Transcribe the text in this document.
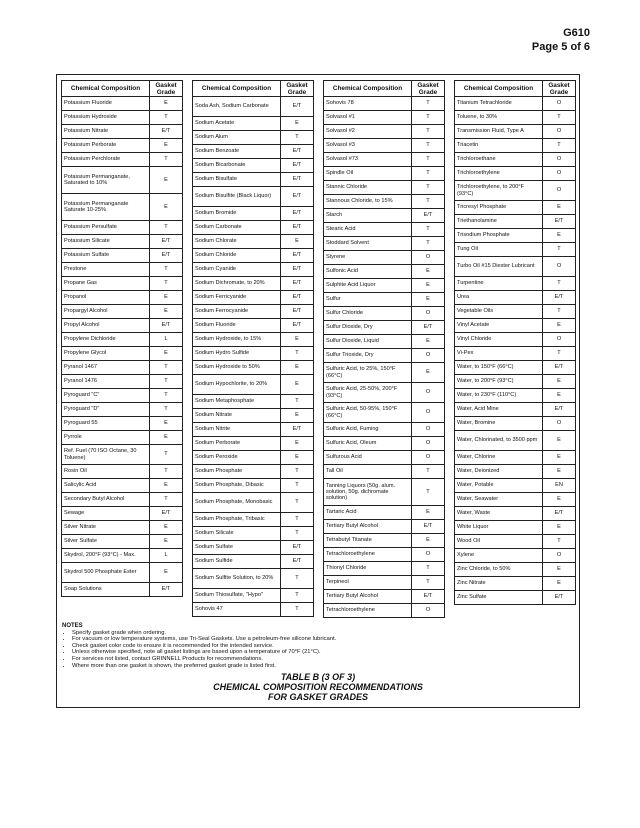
G610
Page 5 of 6
Chemical Composition	Gasket Grade
Potassium Fluoride	E
Potassium Hydroxide	T
Potassium Nitrate	E/T
Potassium Perborate	E
Potassium Perchlorate	T
Potassium Permanganate, Saturated to 10%	E
Potassium Permanganate Saturate 10-25%	E
Potassium Persulfate	T
Potassium Silicate	E/T
Potassium Sulfate	E/T
Prestone	T
Propane Gas	T
Propanol	E
Propargyl Alcohol	E
Propyl Alcohol	E/T
Propylene Dichloride	L
Propylene Glycol	E
Pyranol 1467	T
Pyranol 1476	T
Pyroguard "C"	T
Pyroguard "D"	T
Pyroguard 55	E
Pyrrole	E
Ref. Fuel (70 ISO Octane, 30 Toluene)	T
Rosin Oil	T
Salicylic Acid	E
Secondary Butyl Alcohol	T
Sewage	E/T
Silver Nitrate	E
Silver Sulfate	E
Skydrol, 200°F (93°C) - Max.	L
Skydrol 500 Phosphate Ester	E
Soap Solutions	E/T
Chemical Composition	Gasket Grade
Soda Ash, Sodium Carbonate	E/T
Sodium Acetate	E
Sodium Alum	T
Sodium Benzoate	E/T
Sodium Bicarbonate	E/T
Sodium Bisulfate	E/T
Sodium Bisulfite (Black Liquor)	E/T
Sodium Bromide	E/T
Sodium Carbonate	E/T
Sodium Chlorate	E
Sodium Chloride	E/T
Sodium Cyanide	E/T
Sodium Dichromate, to 20%	E/T
Sodium Ferricyanide	E/T
Sodium Ferrocyanide	E/T
Sodium Fluoride	E/T
Sodium Hydroxide, to 15%	E
Sodium Hydro Sulfide	T
Sodium Hydroxide to 50%	E
Sodium Hypochlorite, to 20%	E
Sodium Metaphosphate	T
Sodium Nitrate	E
Sodium Nitrite	E/T
Sodium Perborate	E
Sodium Peroxide	E
Sodium Phosphate	T
Sodium Phosphate, Dibasic	T
Sodium Phosphate, Monobasic	T
Sodium Phosphate, Tribasic	T
Sodium Silicate	T
Sodium Sulfate	E/T
Sodium Sulfide	E/T
Sodium Sulfite Solution, to 20%	T
Sodium Thiosulfate, "Hypo"	T
Sohovis 47	T
Chemical Composition	Gasket Grade
Sohovis 78	T
Solvasol #1	T
Solvasol #2	T
Solvasol #3	T
Solvasol #73	T
Spindle Oil	T
Stannic Chloride	T
Stannous Chloride, to 15%	T
Starch	E/T
Stearic Acid	T
Stoddard Solvent	T
Styrene	O
Sulfonic Acid	E
Sulphite Acid Liquor	E
Sulfur	E
Sulfur Chloride	O
Sulfur Dioxide, Dry	E/T
Sulfur Dioxide, Liquid	E
Sulfur Trioxide, Dry	O
Sulfuric Acid, to 25%, 150°F (66°C)	E
Sulfuric Acid, 25-50%, 200°F (93°C)	O
Sulfuric Acid, 50-95%, 150°F (66°C)	O
Sulfuric Acid, Fuming	O
Sulfuric Acid, Oleum	O
Sulfurous Acid	O
Tall Oil	T
Tanning Liquors (50g. alum. solution, 50g. dichromate solution)	T
Tartaric Acid	E
Tertiary Butyl Alcohol	E/T
Tetrabutyl Titanate	E
Tetrachloroethylene	O
Thionyl Chloride	T
Terpineol	T
Tertiary Butyl Alcohol	E/T
Tetrachloroethylene	O
Chemical Composition	Gasket Grade
Titanium Tetrachloride	O
Toluene, to 30%	T
Transmission Fluid, Type A	O
Triacetin	T
Trichloroethane	O
Trichloroethylene	O
Trichloroethylene, to 200°F (93°C)	O
Tricresyl Phosphate	E
Triethanolamine	E/T
Trisodium Phosphate	E
Tung Oil	T
Turbo Oil #15 Diester Lubricant	O
Turpentine	T
Urea	E/T
Vegetable Oils	T
Vinyl Acetate	E
Vinyl Chloride	O
Vi-Pex	T
Water, to 150°F (66°C)	E/T
Water, to 200°F (93°C)	E
Water, to 230°F (110°C)	E
Water, Acid Mine	E/T
Water, Bromine	O
Water, Chlorinated, to 3500 ppm	E
Water, Chlorine	E
Water, Deionized	E
Water, Potable	EN
Water, Seawater	E
Water, Waste	E/T
White Liquor	E
Wood Oil	T
Xylene	O
Zinc Chloride, to 50%	E
Zinc Nitrate	E
Zinc Sulfate	E/T
NOTES
• Specify gasket grade when ordering.
• For vacuum or low temperature systems, use Tri-Seal Gaskets. Use a petroleum-free silicone lubricant.
• Check gasket color code to ensure it is recommended for the intended service.
• Unless otherwise specified, note all gasket listings are based upon a temperature of 70°F (21°C).
• For services not listed, contact GRINNELL Products for recommendations.
• Where more than one gasket is shown, the preferred gasket grade is listed first.
TABLE B (3 OF 3)
CHEMICAL COMPOSITION RECOMMENDATIONS
FOR GASKET GRADES
